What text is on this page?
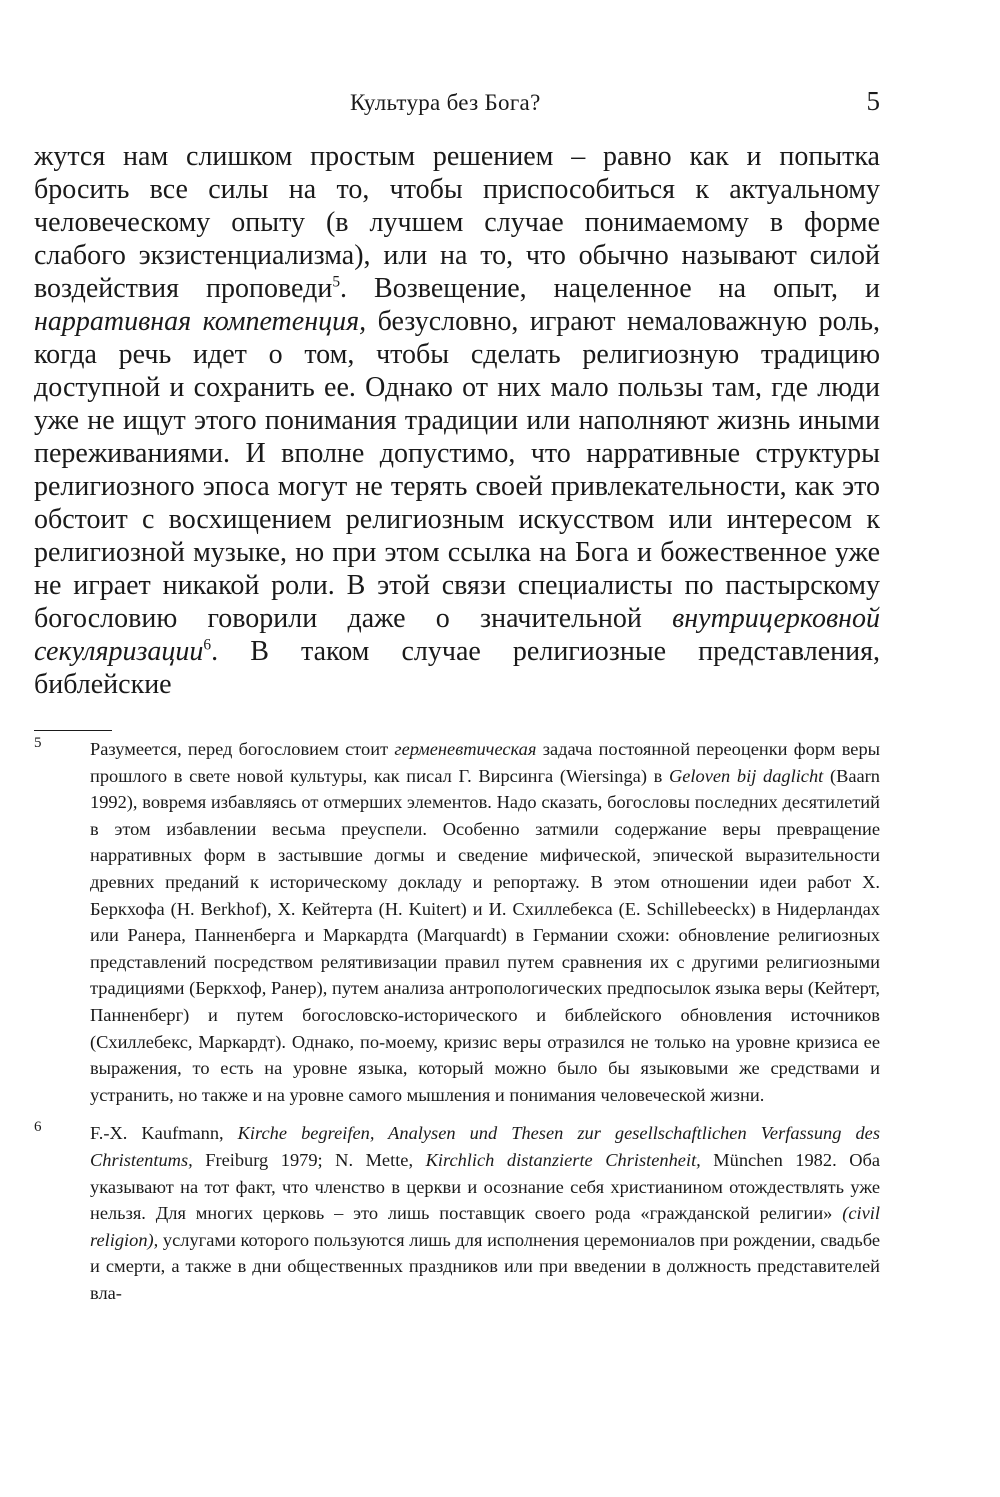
Культура без Бога?	5

жутся нам слишком простым решением – равно как и попытка бросить все силы на то, чтобы приспособиться к актуальному человеческому опыту (в лучшем случае понимаемому в форме слабого экзистенциализма), или на то, что обычно называют силой воздействия проповеди$^5$. Возвещение, нацеленное на опыт, и нарративная компетенция, безусловно, играют немаловажную роль, когда речь идет о том, чтобы сделать религиозную традицию доступной и сохранить ее. Однако от них мало пользы там, где люди уже не ищут этого понимания традиции или наполняют жизнь иными переживаниями. И вполне допустимо, что нарративные структуры религиозного эпоса могут не терять своей привлекательности, как это обстоит с восхищением религиозным искусством или интересом к религиозной музыке, но при этом ссылка на Бога и божественное уже не играет никакой роли. В этой связи специалисты по пастырскому богословию говорили даже о значительной внутрицерковной секуляризации$^6$. В таком случае религиозные представления, библейские

5	Разумеется, перед богословием стоит герменевтическая задача постоянной переоценки форм веры прошлого в свете новой культуры, как писал Г. Вирсинга (Wiersinga) в Geloven bij daglicht (Baarn 1992), вовремя избавляясь от отмерших элементов. Надо сказать, богословы последних десятилетий в этом избавлении весьма преуспели. Особенно затмили содержание веры превращение нарративных форм в застывшие догмы и сведение мифической, эпической выразительности древних преданий к историческому докладу и репортажу. В этом отношении идеи работ Х. Беркхофа (H. Berkhof), Х. Кейтерта (H. Kuitert) и И. Схиллебекса (E. Schillebeeckx) в Нидерландах или Ранера, Панненберга и Маркардта (Marquardt) в Германии схожи: обновление религиозных представлений посредством релятивизации правил путем сравнения их с другими религиозными традициями (Беркхоф, Ранер), путем анализа антропологических предпосылок языка веры (Кейтерт, Панненберг) и путем богословско-исторического и библейского обновления источников (Схиллебекс, Маркардт). Однако, по-моему, кризис веры отразился не только на уровне кризиса ее выражения, то есть на уровне языка, который можно было бы языковыми же средствами и устранить, но также и на уровне самого мышления и понимания человеческой жизни.

6	F.-X. Kaufmann, Kirche begreifen, Analysen und Thesen zur gesellschaftlichen Verfassung des Christentums, Freiburg 1979; N. Mette, Kirchlich distanzierte Christenheit, München 1982. Оба указывают на тот факт, что членство в церкви и осознание себя христианином отождествлять уже нельзя. Для многих церковь – это лишь поставщик своего рода «гражданской религии» (civil religion), услугами которого пользуются лишь для исполнения церемониалов при рождении, свадьбе и смерти, а также в дни общественных праздников или при введении в должность представителей вла-
